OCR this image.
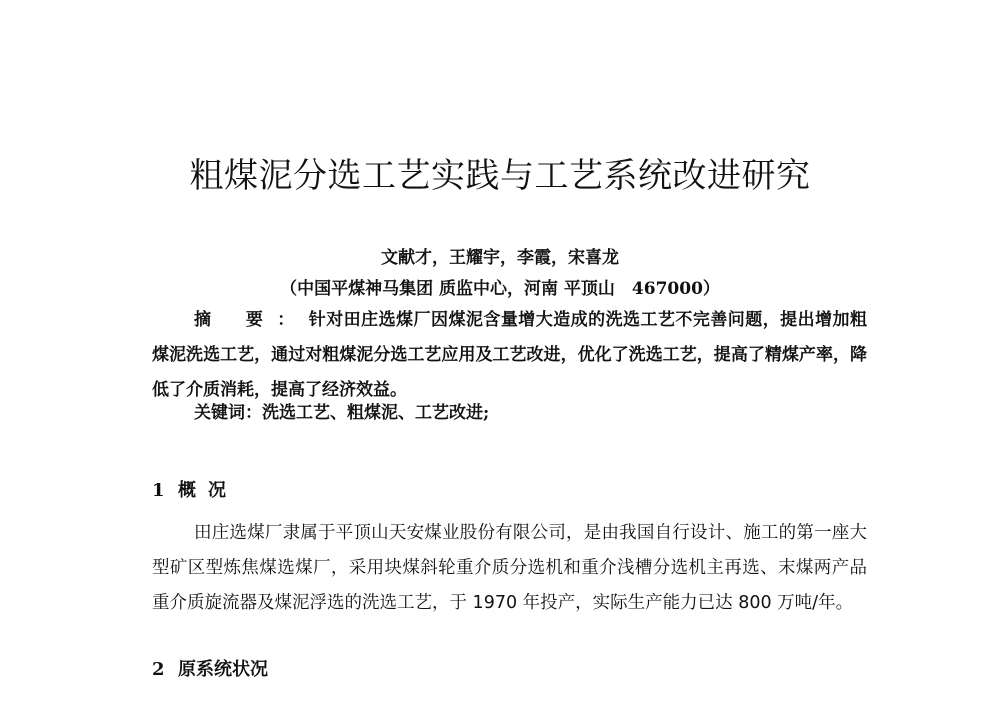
粗煤泥分选工艺实践与工艺系统改进研究
文献才，王耀宇，李霞，宋喜龙
（中国平煤神马集团 质监中心，河南 平顶山　467000）
摘 要：针对田庄选煤厂因煤泥含量增大造成的洗选工艺不完善问题，提出增加粗煤泥洗选工艺，通过对粗煤泥分选工艺应用及工艺改进，优化了洗选工艺，提高了精煤产率，降低了介质消耗，提高了经济效益。
关键词：洗选工艺、粗煤泥、工艺改进;
1 概况
田庄选煤厂隶属于平顶山天安煤业股份有限公司，是由我国自行设计、施工的第一座大型矿区型炼焦煤选煤厂，采用块煤斜轮重介质分选机和重介浅槽分选机主再选、末煤两产品重介质旋流器及煤泥浮选的洗选工艺，于 1970 年投产，实际生产能力已达 800 万吨/年。
2 原系统状况
